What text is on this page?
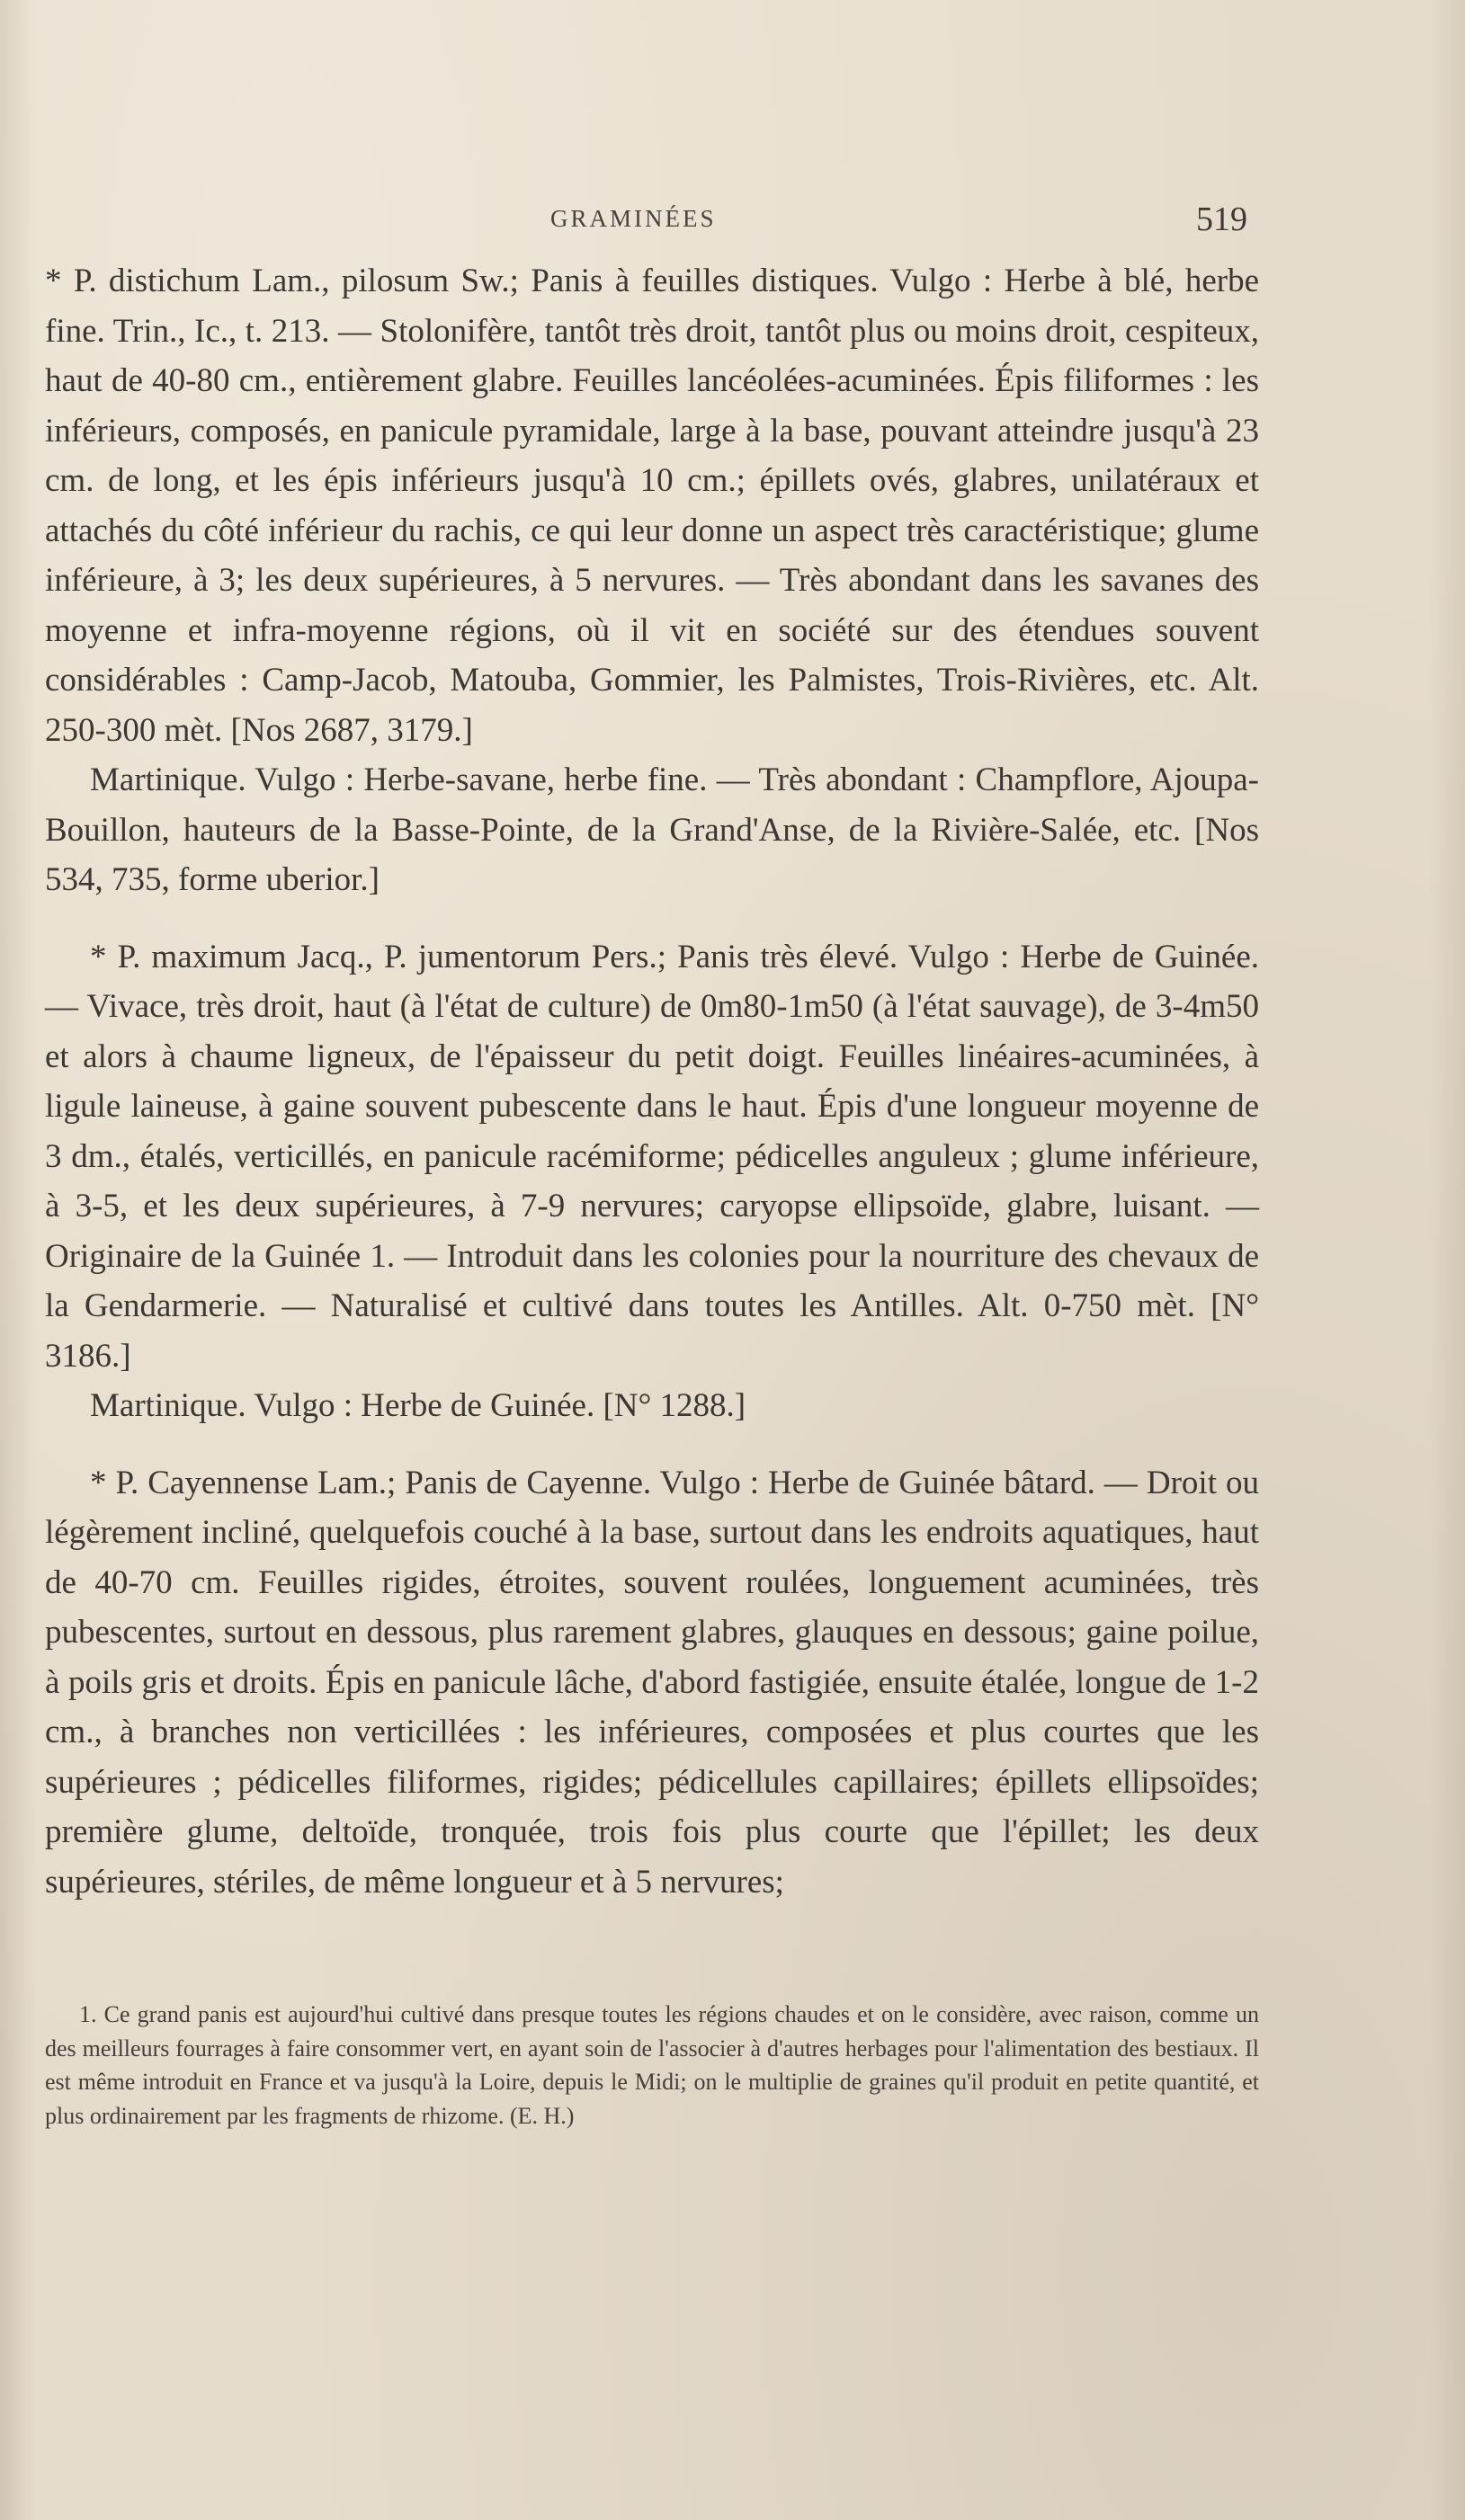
GRAMINÉES	519

* P. distichum Lam., pilosum Sw.; Panis à feuilles distiques. Vulgo : Herbe à blé, herbe fine. Trin., Ic., t. 213. — Stolonifère, tantôt très droit, tantôt plus ou moins droit, cespiteux, haut de 40-80 cm., entièrement glabre. Feuilles lancéolées-acuminées. Épis filiformes : les inférieurs, composés, en panicule pyramidale, large à la base, pouvant atteindre jusqu'à 23 cm. de long, et les épis inférieurs jusqu'à 10 cm.; épillets ovés, glabres, unilatéraux et attachés du côté inférieur du rachis, ce qui leur donne un aspect très caractéristique; glume inférieure, à 3; les deux supérieures, à 5 nervures. — Très abondant dans les savanes des moyenne et infra-moyenne régions, où il vit en société sur des étendues souvent considérables : Camp-Jacob, Matouba, Gommier, les Palmistes, Trois-Rivières, etc. Alt. 250-300 mèt. [Nos 2687, 3179.]

Martinique. Vulgo : Herbe-savane, herbe fine. — Très abondant : Champflore, Ajoupa-Bouillon, hauteurs de la Basse-Pointe, de la Grand'Anse, de la Rivière-Salée, etc. [Nos 534, 735, forme uberior.]

* P. maximum Jacq., P. jumentorum Pers.; Panis très élevé. Vulgo : Herbe de Guinée. — Vivace, très droit, haut (à l'état de culture) de 0m80-1m50 (à l'état sauvage), de 3-4m50 et alors à chaume ligneux, de l'épaisseur du petit doigt. Feuilles linéaires-acuminées, à ligule laineuse, à gaine souvent pubescente dans le haut. Épis d'une longueur moyenne de 3 dm., étalés, verticillés, en panicule racémiforme; pédicelles anguleux ; glume inférieure, à 3-5, et les deux supérieures, à 7-9 nervures; caryopse ellipsoïde, glabre, luisant. — Originaire de la Guinée 1. — Introduit dans les colonies pour la nourriture des chevaux de la Gendarmerie. — Naturalisé et cultivé dans toutes les Antilles. Alt. 0-750 mèt. [N° 3186.]

Martinique. Vulgo : Herbe de Guinée. [N° 1288.]

* P. Cayennense Lam.; Panis de Cayenne. Vulgo : Herbe de Guinée bâtard. — Droit ou légèrement incliné, quelquefois couché à la base, surtout dans les endroits aquatiques, haut de 40-70 cm. Feuilles rigides, étroites, souvent roulées, longuement acuminées, très pubescentes, surtout en dessous, plus rarement glabres, glauques en dessous; gaine poilue, à poils gris et droits. Épis en panicule lâche, d'abord fastigiée, ensuite étalée, longue de 1-2 cm., à branches non verticillées : les inférieures, composées et plus courtes que les supérieures ; pédicelles filiformes, rigides; pédicellules capillaires; épillets ellipsoïdes; première glume, deltoïde, tronquée, trois fois plus courte que l'épillet; les deux supérieures, stériles, de même longueur et à 5 nervures;

1. Ce grand panis est aujourd'hui cultivé dans presque toutes les régions chaudes et on le considère, avec raison, comme un des meilleurs fourrages à faire consommer vert, en ayant soin de l'associer à d'autres herbages pour l'alimentation des bestiaux. Il est même introduit en France et va jusqu'à la Loire, depuis le Midi; on le multiplie de graines qu'il produit en petite quantité, et plus ordinairement par les fragments de rhizome. (E. H.)
